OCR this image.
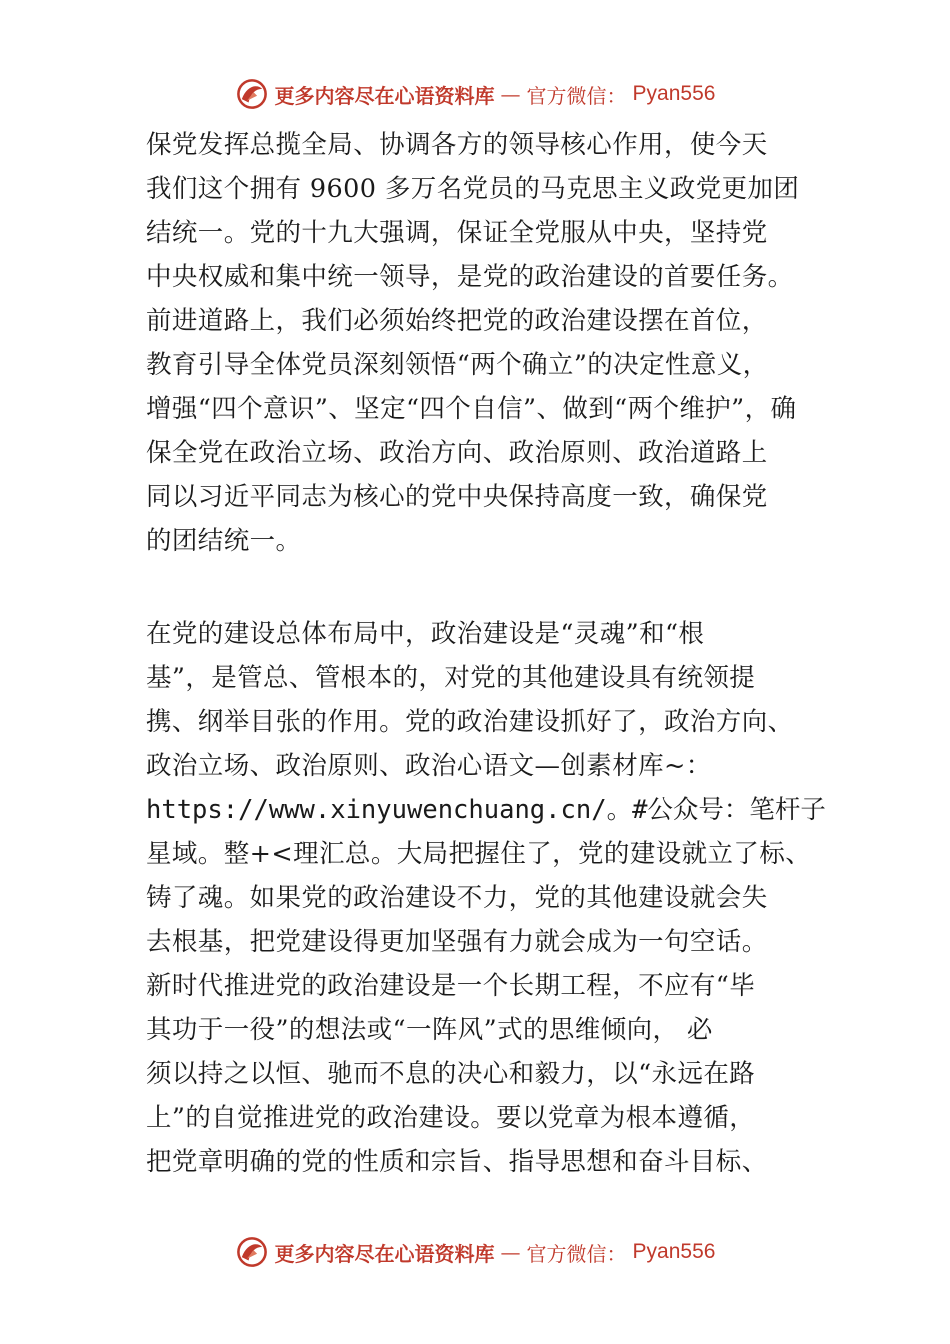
更多内容尽在心语资料库 — 官方微信： Pyan556

保党发挥总揽全局、协调各方的领导核心作用，使今天

我们这个拥有 9600 多万名党员的马克思主义政党更加团

结统一。党的十九大强调，保证全党服从中央，坚持党

中央权威和集中统一领导，是党的政治建设的首要任务。

前进道路上，我们必须始终把党的政治建设摆在首位，

教育引导全体党员深刻领悟“两个确立”的决定性意义，

增强“四个意识”、坚定“四个自信”、做到“两个维护”，确

保全党在政治立场、政治方向、政治原则、政治道路上

同以习近平同志为核心的党中央保持高度一致，确保党

的团结统一。

在党的建设总体布局中，政治建设是“灵魂”和“根

基”，是管总、管根本的，对党的其他建设具有统领提

携、纲举目张的作用。党的政治建设抓好了，政治方向、

政治立场、政治原则、政治心语文—创素材库~：

https://www.xinyuwenchuang.cn/。#公众号：笔杆子

星域。整+<理汇总。大局把握住了，党的建设就立了标、

铸了魂。如果党的政治建设不力，党的其他建设就会失

去根基，把党建设得更加坚强有力就会成为一句空话。

新时代推进党的政治建设是一个长期工程，不应有“毕

其功于一役”的想法或“一阵风”式的思维倾向， 必

须以持之以恒、驰而不息的决心和毅力，以“永远在路

上”的自觉推进党的政治建设。要以党章为根本遵循，

把党章明确的党的性质和宗旨、指导思想和奋斗目标、

更多内容尽在心语资料库 — 官方微信： Pyan556
